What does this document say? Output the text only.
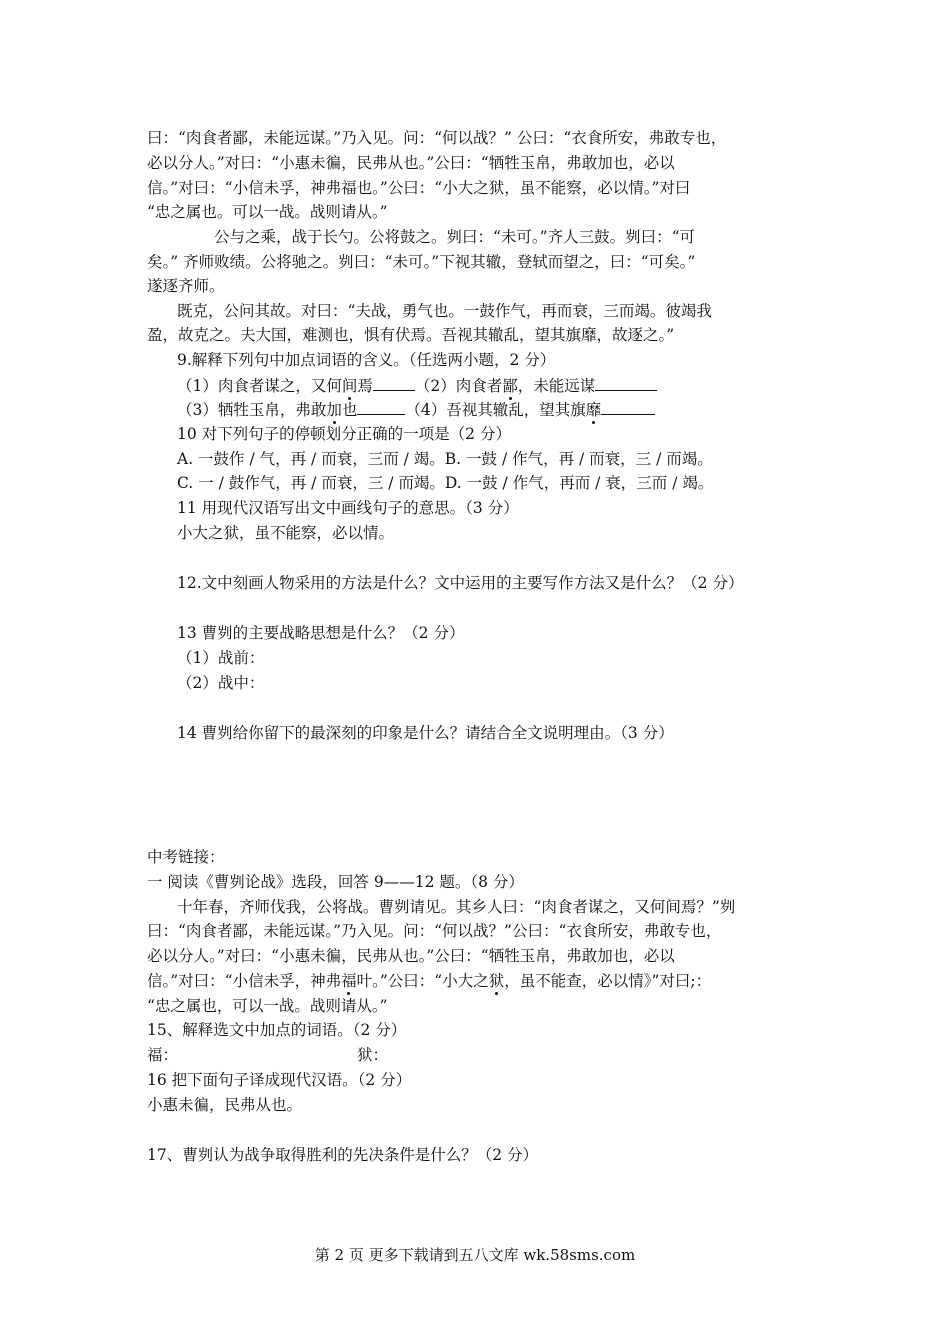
曰：“肉食者鄙，未能远谋。”乃入见。问：“何以战？” 公曰：“衣食所安，弗敢专也，
必以分人。”对曰：“小惠未徧，民弗从也。”公曰：“牺牲玉帛，弗敢加也，必以
信。”对曰：“小信未孚，神弗福也。”公曰：“小大之狱，虽不能察，必以情。”对曰
“忠之属也。可以一战。战则请从。”
公与之乘，战于长勺。公将鼓之。刿曰：“未可。”齐人三鼓。刿曰：“可
矣。” 齐师败绩。公将驰之。刿曰：“未可。”下视其辙，登轼而望之，曰：“可矣。”
遂逐齐师。
既克，公问其故。对曰：“夫战，勇气也。一鼓作气，再而衰，三而竭。彼竭我
盈，故克之。夫大国，难测也，惧有伏焉。吾视其辙乱，望其旗靡，故逐之。”
9.解释下列句中加点词语的含义。（任选两小题，2 分）
（1）肉食者谋之，又何间焉	（2）肉食者鄙，未能远谋
（3）牺牲玉帛，弗敢加也	（4）吾视其辙乱，望其旗靡
10 对下列句子的停顿划分正确的一项是（2 分）
A. 一鼓作 / 气，再 / 而衰，三而 / 竭。B. 一鼓 / 作气，再 / 而衰，三 / 而竭。
C. 一 / 鼓作气，再 / 而衰，三 / 而竭。D. 一鼓 / 作气，再而 / 衰，三而 / 竭。
11 用现代汉语写出文中画线句子的意思。（3 分）
小大之狱，虽不能察，必以情。
12.文中刻画人物采用的方法是什么？文中运用的主要写作方法又是什么？（2 分）
13 曹刿的主要战略思想是什么？（2 分）
（1）战前：
（2）战中：
14 曹刿给你留下的最深刻的印象是什么？请结合全文说明理由。（3 分）
中考链接：
一 阅读《曹刿论战》选段，回答 9——12 题。（8 分）
十年春，齐师伐我，公将战。曹刿请见。其乡人曰：“肉食者谋之，又何间焉？”刿
曰：“肉食者鄙，未能远谋。”乃入见。问：“何以战？”公曰：“衣食所安，弗敢专也，
必以分人。”对曰：“小惠未徧，民弗从也。”公曰：“牺牲玉帛，弗敢加也，必以
信。”对曰：“小信未孚，神弗福叶。”公曰：“小大之狱，虽不能查，必以情》”对曰;：
“忠之属也，可以一战。战则请从。”
15、解释选文中加点的词语。（2 分）
福：	狱：
16 把下面句子译成现代汉语。（2 分）
小惠未徧，民弗从也。
17、曹刿认为战争取得胜利的先决条件是什么？（2 分）
第 2 页 更多下载请到五八文库 wk.58sms.com
